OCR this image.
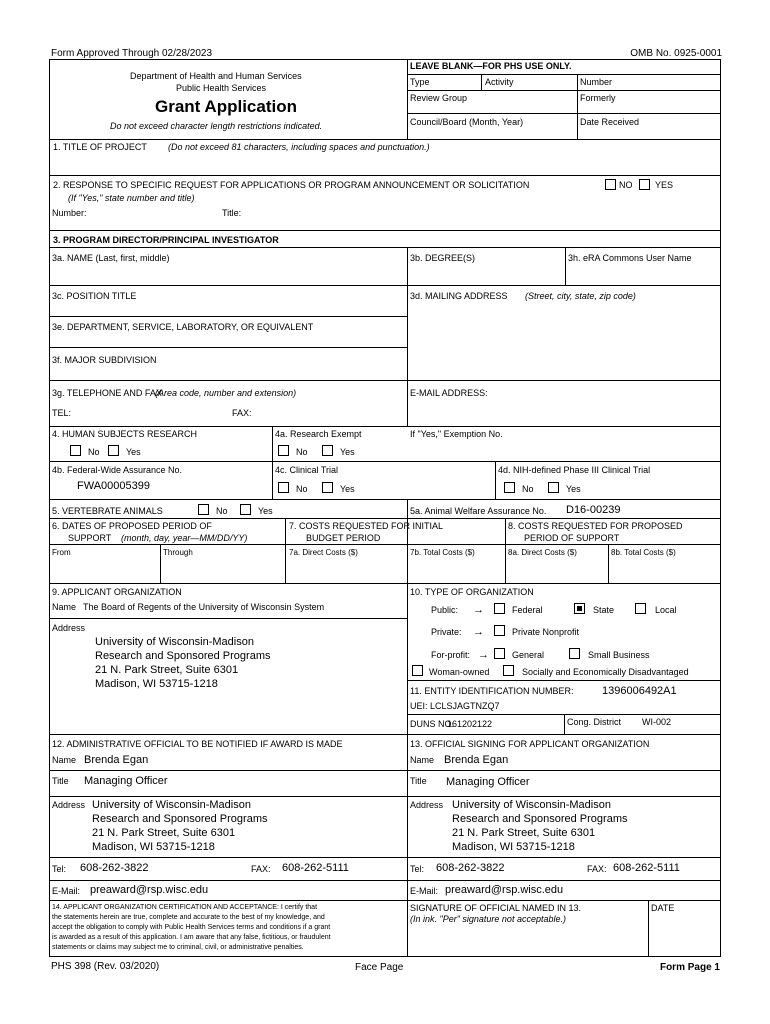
Form Approved Through 02/28/2023	OMB No. 0925-0001
Department of Health and Human Services
Public Health Services
Grant Application
Do not exceed character length restrictions indicated.
LEAVE BLANK—FOR PHS USE ONLY.
Type	Activity	Number
Review Group	Formerly
Council/Board (Month, Year)	Date Received
1. TITLE OF PROJECT (Do not exceed 81 characters, including spaces and punctuation.)
2. RESPONSE TO SPECIFIC REQUEST FOR APPLICATIONS OR PROGRAM ANNOUNCEMENT OR SOLICITATION	NO	YES
(If "Yes," state number and title)
Number:	Title:
3. PROGRAM DIRECTOR/PRINCIPAL INVESTIGATOR
3a. NAME (Last, first, middle)	3b. DEGREE(S)	3h. eRA Commons User Name
3c. POSITION TITLE	3d. MAILING ADDRESS (Street, city, state, zip code)
3e. DEPARTMENT, SERVICE, LABORATORY, OR EQUIVALENT
3f. MAJOR SUBDIVISION
3g. TELEPHONE AND FAX
(Area code, number and extension)	E-MAIL ADDRESS:
TEL:	FAX:
4. HUMAN SUBJECTS RESEARCH
No	Yes
4a. Research Exempt
No	Yes
If "Yes," Exemption No.
4b. Federal-Wide Assurance No.
FWA00005399
4c. Clinical Trial
No	Yes
4d. NIH-defined Phase III Clinical Trial
No	Yes
5. VERTEBRATE ANIMALS	No	Yes	5a. Animal Welfare Assurance No. D16-00239
6. DATES OF PROPOSED PERIOD OF
SUPPORT (month, day, year—MM/DD/YY)
7. COSTS REQUESTED FOR INITIAL
BUDGET PERIOD
8. COSTS REQUESTED FOR PROPOSED
PERIOD OF SUPPORT
From	Through	7a. Direct Costs ($)	7b. Total Costs ($)	8a. Direct Costs ($)	8b. Total Costs ($)
9. APPLICANT ORGANIZATION
Name The Board of Regents of the University of Wisconsin System
Address
University of Wisconsin-Madison
Research and Sponsored Programs
21 N. Park Street, Suite 6301
Madison, WI 53715-1218
10. TYPE OF ORGANIZATION
Public: →	Federal	State	Local
Private: →	Private Nonprofit
For-profit: →	General	Small Business
Woman-owned	Socially and Economically Disadvantaged
11. ENTITY IDENTIFICATION NUMBER:	1396006492A1
UEI: LCLSJAGTNZQ7
DUNS NO.
161202122	Cong. District WI-002
12. ADMINISTRATIVE OFFICIAL TO BE NOTIFIED IF AWARD IS MADE
Name Brenda Egan
Title Managing Officer
Address University of Wisconsin-Madison
Research and Sponsored Programs
21 N. Park Street, Suite 6301
Madison, WI 53715-1218
Tel: 608-262-3822	FAX: 608-262-5111
E-Mail: preaward@rsp.wisc.edu
13. OFFICIAL SIGNING FOR APPLICANT ORGANIZATION
Name Brenda Egan
Title Managing Officer
Address University of Wisconsin-Madison
Research and Sponsored Programs
21 N. Park Street, Suite 6301
Madison, WI 53715-1218
Tel: 608-262-3822	FAX: 608-262-5111
E-Mail: preaward@rsp.wisc.edu
14. APPLICANT ORGANIZATION CERTIFICATION AND ACCEPTANCE: I certify that
the statements herein are true, complete and accurate to the best of my knowledge, and
accept the obligation to comply with Public Health Services terms and conditions if a grant
is awarded as a result of this application. I am aware that any false, fictitious, or fraudulent
statements or claims may subject me to criminal, civil, or administrative penalties.
SIGNATURE OF OFFICIAL NAMED IN 13.
(In ink. "Per" signature not acceptable.)
DATE
PHS 398 (Rev. 03/2020)	Face Page	Form Page 1
